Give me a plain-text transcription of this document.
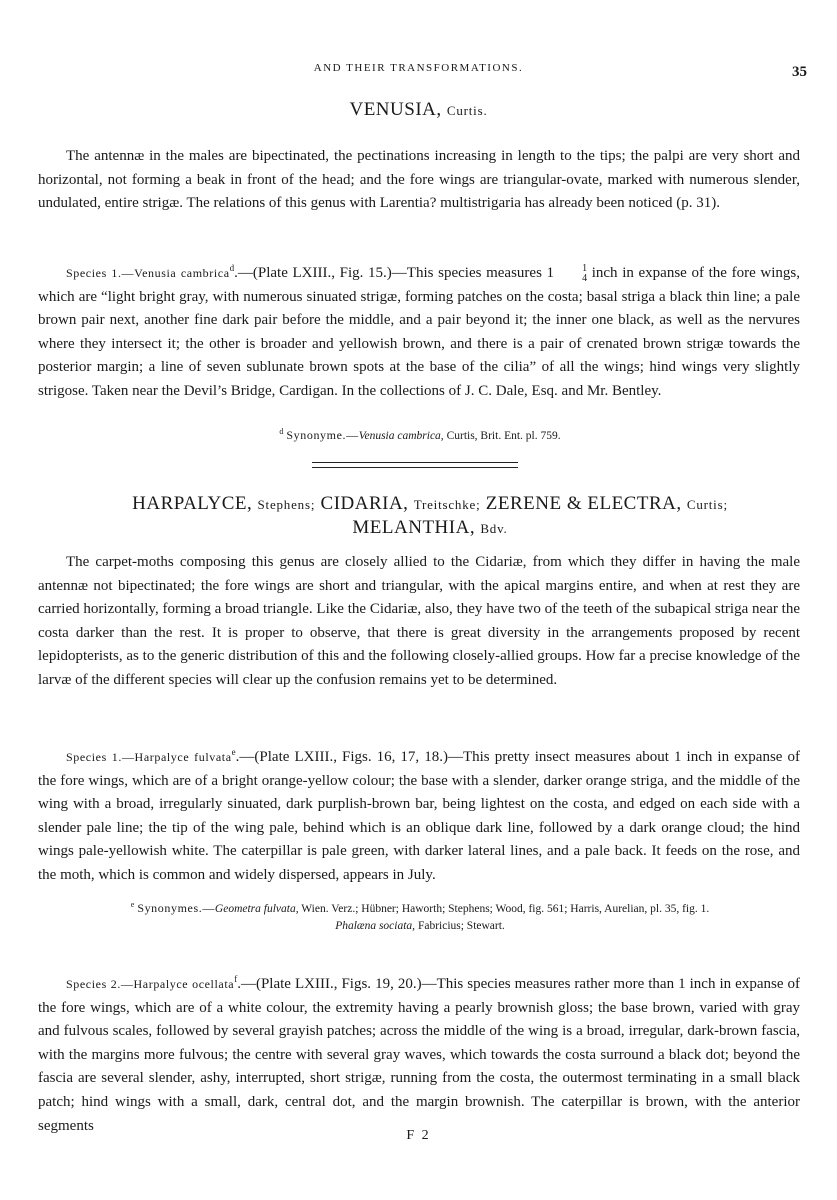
AND THEIR TRANSFORMATIONS.	35
VENUSIA, Curtis.

The antennæ in the males are bipectinated, the pectinations increasing in length to the tips; the palpi are very short and horizontal, not forming a beak in front of the head; and the fore wings are triangular-ovate, marked with numerous slender, undulated, entire strigæ. The relations of this genus with Larentia? multistrigaria has already been noticed (p. 31).

Species 1.—Venusia cambrica$^d$.—(Plate LXIII., Fig. 15.)—This species measures 1	1
4 inch in expanse of the fore wings, which are “light bright gray, with numerous sinuated strigæ, forming patches on the costa; basal striga a black thin line; a pale brown pair next, another fine dark pair before the middle, and a pair beyond it; the inner one black, as well as the nervures where they intersect it; the other is broader and yellowish brown, and there is a pair of crenated brown strigæ towards the posterior margin; a line of seven sublunate brown spots at the base of the cilia” of all the wings; hind wings very slightly strigose. Taken near the Devil’s Bridge, Cardigan. In the collections of J. C. Dale, Esq. and Mr. Bentley.

$^d$ Synonyme.—Venusia cambrica, Curtis, Brit. Ent. pl. 759.
HARPALYCE, Stephens; CIDARIA, Treitschke; ZERENE & ELECTRA, Curtis;
MELANTHIA, Bdv.

The carpet-moths composing this genus are closely allied to the Cidariæ, from which they differ in having the male antennæ not bipectinated; the fore wings are short and triangular, with the apical margins entire, and when at rest they are carried horizontally, forming a broad triangle. Like the Cidariæ, also, they have two of the teeth of the subapical striga near the costa darker than the rest. It is proper to observe, that there is great diversity in the arrangements proposed by recent lepidopterists, as to the generic distribution of this and the following closely-allied groups. How far a precise knowledge of the larvæ of the different species will clear up the confusion remains yet to be determined.

Species 1.—Harpalyce fulvata$^e$.—(Plate LXIII., Figs. 16, 17, 18.)—This pretty insect measures about 1 inch in expanse of the fore wings, which are of a bright orange-yellow colour; the base with a slender, darker orange striga, and the middle of the wing with a broad, irregularly sinuated, dark purplish-brown bar, being lightest on the costa, and edged on each side with a slender pale line; the tip of the wing pale, behind which is an oblique dark line, followed by a dark orange cloud; the hind wings pale-yellowish white. The caterpillar is pale green, with darker lateral lines, and a pale back. It feeds on the rose, and the moth, which is common and widely dispersed, appears in July.

$^e$ Synonymes.—Geometra fulvata, Wien. Verz.; Hübner; Haworth; Stephens; Wood, fig. 561; Harris, Aurelian, pl. 35, fig. 1.
Phalæna sociata, Fabricius; Stewart.

Species 2.—Harpalyce ocellata$^f$.—(Plate LXIII., Figs. 19, 20.)—This species measures rather more than 1 inch in expanse of the fore wings, which are of a white colour, the extremity having a pearly brownish gloss; the base brown, varied with gray and fulvous scales, followed by several grayish patches; across the middle of the wing is a broad, irregular, dark-brown fascia, with the margins more fulvous; the centre with several gray waves, which towards the costa surround a black dot; beyond the fascia are several slender, ashy, interrupted, short strigæ, running from the costa, the outermost terminating in a small black patch; hind wings with a small, dark, central dot, and the margin brownish. The caterpillar is brown, with the anterior segments

F 2
